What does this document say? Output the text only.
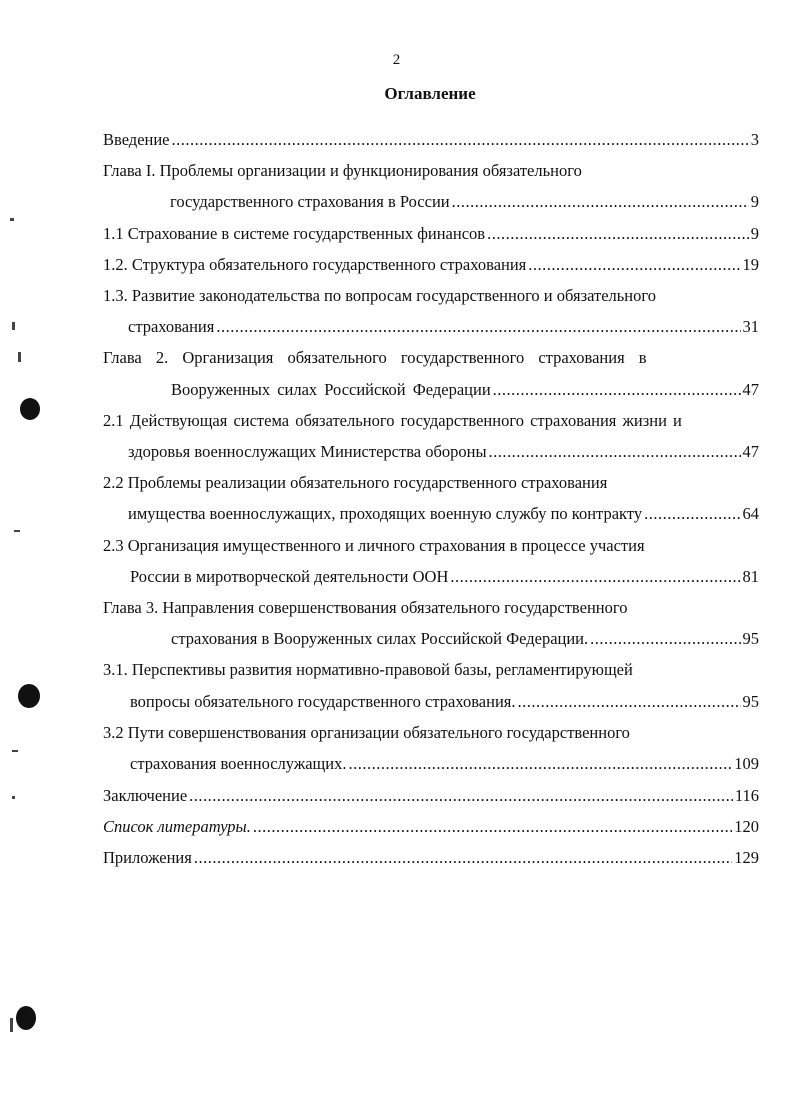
2
Оглавление
Введение .....	3
Глава I. Проблемы организации и функционирования обязательного
государственного страхования в России .....	9
1.1 Страхование в системе государственных финансов .....	9
1.2. Структура обязательного государственного страхования .....	19
1.3. Развитие законодательства по вопросам государственного и обязательного
страхования .....	31
Глава 2. Организация обязательного государственного страхования в
Вооруженных силах Российской Федерации .....	47
2.1 Действующая система обязательного государственного страхования жизни и
здоровья военнослужащих Министерства обороны .....	47
2.2 Проблемы реализации обязательного государственного страхования
имущества военнослужащих, проходящих военную службу по контракту .....	64
2.3 Организация имущественного и личного страхования в процессе участия
России в миротворческой деятельности ООН .....	81
Глава 3. Направления совершенствования обязательного государственного
страхования в Вооруженных силах Российской Федерации. .....	95
3.1. Перспективы развития нормативно-правовой базы, регламентирующей
вопросы обязательного государственного страхования. .....	95
3.2 Пути совершенствования организации обязательного государственного
страхования военнослужащих. .....	109
Заключение .....	116
Список литературы. .....	120
Приложения .....	129
